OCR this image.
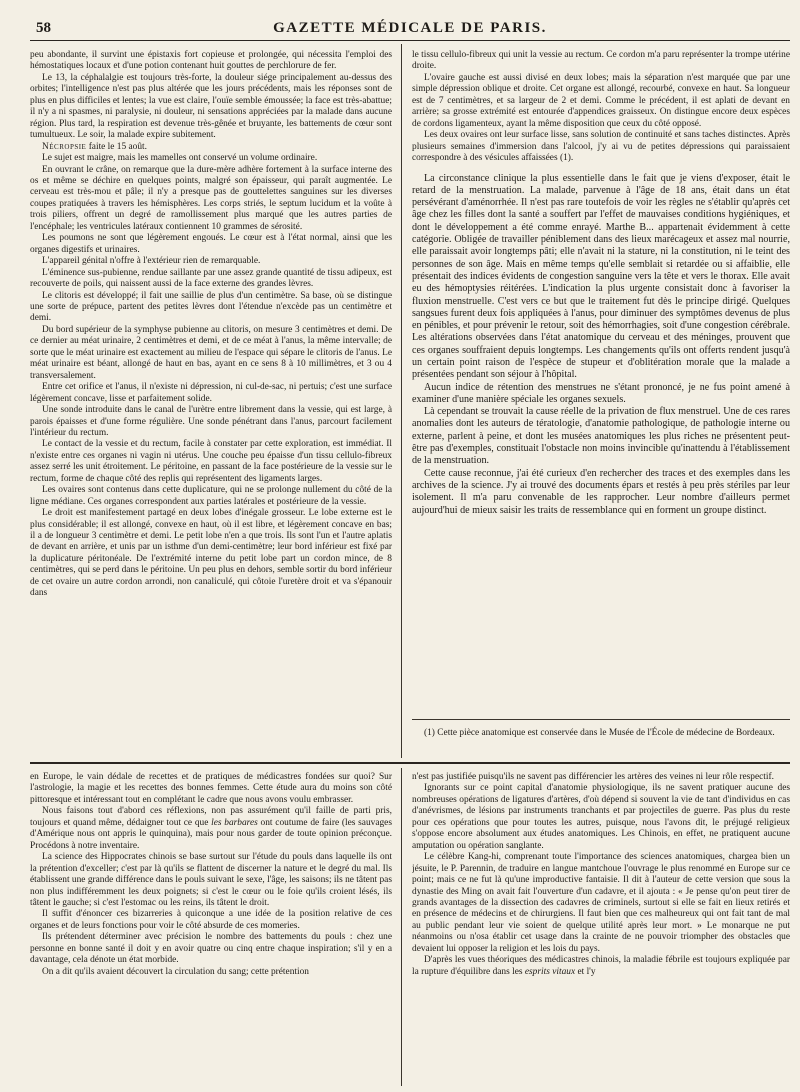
58	GAZETTE MÉDICALE DE PARIS.

peu abondante, il survint une épistaxis fort copieuse et prolongée, qui nécessita l'emploi des hémostatiques locaux et d'une potion contenant huit gouttes de perchlorure de fer.

Le 13, la céphalalgie est toujours très-forte, la douleur siége principalement au-dessus des orbites; l'intelligence n'est pas plus altérée que les jours précédents, mais les réponses sont de plus en plus difficiles et lentes; la vue est claire, l'ouïe semble émoussée; la face est très-abattue; il n'y a ni spasmes, ni paralysie, ni douleur, ni sensations appréciées par la malade dans aucune région. Plus tard, la respiration est devenue très-gênée et bruyante, les battements de cœur sont tumultueux. Le soir, la malade expire subitement.

Nécropsie faite le 15 août.

Le sujet est maigre, mais les mamelles ont conservé un volume ordinaire.

En ouvrant le crâne, on remarque que la dure-mère adhère fortement à la surface interne des os et même se déchire en quelques points, malgré son épaisseur, qui paraît augmentée. Le cerveau est très-mou et pâle; il n'y a presque pas de gouttelettes sanguines sur les diverses coupes pratiquées à travers les hémisphères. Les corps striés, le septum lucidum et la voûte à trois piliers, offrent un degré de ramollissement plus marqué que les autres parties de l'encéphale; les ventricules latéraux contiennent 10 grammes de sérosité.

Les poumons ne sont que légèrement engoués. Le cœur est à l'état normal, ainsi que les organes digestifs et urinaires.

L'appareil génital n'offre à l'extérieur rien de remarquable.

L'éminence sus-pubienne, rendue saillante par une assez grande quantité de tissu adipeux, est recouverte de poils, qui naissent aussi de la face externe des grandes lèvres.

Le clitoris est développé; il fait une saillie de plus d'un centimètre. Sa base, où se distingue une sorte de prépuce, partent des petites lèvres dont l'étendue n'excède pas un centimètre et demi.

Du bord supérieur de la symphyse pubienne au clitoris, on mesure 3 centimètres et demi. De ce dernier au méat urinaire, 2 centimètres et demi, et de ce méat à l'anus, la même intervalle; de sorte que le méat urinaire est exactement au milieu de l'espace qui sépare le clitoris de l'anus. Le méat urinaire est béant, allongé de haut en bas, ayant en ce sens 8 à 10 millimètres, et 3 ou 4 transversalement.

Entre cet orifice et l'anus, il n'existe ni dépression, ni cul-de-sac, ni pertuis; c'est une surface légèrement concave, lisse et parfaitement solide.

Une sonde introduite dans le canal de l'urètre entre librement dans la vessie, qui est large, à parois épaisses et d'une forme régulière. Une sonde pénétrant dans l'anus, parcourt facilement l'intérieur du rectum.

Le contact de la vessie et du rectum, facile à constater par cette exploration, est immédiat. Il n'existe entre ces organes ni vagin ni utérus. Une couche peu épaisse d'un tissu cellulo-fibreux assez serré les unit étroitement. Le péritoine, en passant de la face postérieure de la vessie sur le rectum, forme de chaque côté des replis qui représentent des ligaments larges.

Les ovaires sont contenus dans cette duplicature, qui ne se prolonge nullement du côté de la ligne médiane. Ces organes correspondent aux parties latérales et postérieure de la vessie.

Le droit est manifestement partagé en deux lobes d'inégale grosseur. Le lobe externe est le plus considérable; il est allongé, convexe en haut, où il est libre, et légèrement concave en bas; il a de longueur 3 centimètre et demi. Le petit lobe n'en a que trois. Ils sont l'un et l'autre aplatis de devant en arrière, et unis par un isthme d'un demi-centimètre; leur bord inférieur est fixé par la duplicature péritonéale. De l'extrémité interne du petit lobe part un cordon mince, de 8 centimètres, qui se perd dans le péritoine. Un peu plus en dehors, semble sortir du bord inférieur de cet ovaire un autre cordon arrondi, non canaliculé, qui côtoie l'uretère droit et va s'épanouir dans

le tissu cellulo-fibreux qui unit la vessie au rectum. Ce cordon m'a paru représenter la trompe utérine droite.

L'ovaire gauche est aussi divisé en deux lobes; mais la séparation n'est marquée que par une simple dépression oblique et droite. Cet organe est allongé, recourbé, convexe en haut. Sa longueur est de 7 centimètres, et sa largeur de 2 et demi. Comme le précédent, il est aplati de devant en arrière; sa grosse extrémité est entourée d'appendices graisseux. On distingue encore deux espèces de cordons ligamenteux, ayant la même disposition que ceux du côté opposé.

Les deux ovaires ont leur surface lisse, sans solution de continuité et sans taches distinctes. Après plusieurs semaines d'immersion dans l'alcool, j'y ai vu de petites dépressions qui paraissaient correspondre à des vésicules affaissées (1).

La circonstance clinique la plus essentielle dans le fait que je viens d'exposer, était le retard de la menstruation. La malade, parvenue à l'âge de 18 ans, était dans un état persévérant d'aménorrhée. Il n'est pas rare toutefois de voir les règles ne s'établir qu'après cet âge chez les filles dont la santé a souffert par l'effet de mauvaises conditions hygiéniques, et dont le développement a été comme enrayé. Marthe B... appartenait évidemment à cette catégorie. Obligée de travailler péniblement dans des lieux marécageux et assez mal nourrie, elle paraissait avoir longtemps pâti; elle n'avait ni la stature, ni la constitution, ni le teint des personnes de son âge. Mais en même temps qu'elle semblait si retardée ou si affaiblie, elle présentait des indices évidents de congestion sanguine vers la tête et vers le thorax. Elle avait eu des hémoptysies réitérées. L'indication la plus urgente consistait donc à favoriser la fluxion menstruelle. C'est vers ce but que le traitement fut dès le principe dirigé. Quelques sangsues furent deux fois appliquées à l'anus, pour diminuer des symptômes devenus de plus en pénibles, et pour prévenir le retour, soit des hémorrhagies, soit d'une congestion cérébrale. Les altérations observées dans l'état anatomique du cerveau et des méninges, prouvent que ces organes souffraient depuis longtemps. Les changements qu'ils ont offerts rendent jusqu'à un certain point raison de l'espèce de stupeur et d'oblitération morale que la malade a présentées pendant son séjour à l'hôpital.

Aucun indice de rétention des menstrues ne s'étant prononcé, je ne fus point amené à examiner d'une manière spéciale les organes sexuels.

Là cependant se trouvait la cause réelle de la privation de flux menstruel. Une de ces rares anomalies dont les auteurs de tératologie, d'anatomie pathologique, de pathologie interne ou externe, parlent à peine, et dont les musées anatomiques les plus riches ne présentent peut-être pas d'exemples, constituait l'obstacle non moins invincible qu'inattendu à l'établissement de la menstruation.

Cette cause reconnue, j'ai été curieux d'en rechercher des traces et des exemples dans les archives de la science. J'y ai trouvé des documents épars et restés à peu près stériles par leur isolement. Il m'a paru convenable de les rapprocher. Leur nombre d'ailleurs permet aujourd'hui de mieux saisir les traits de ressemblance qui en forment un groupe distinct.

(1) Cette pièce anatomique est conservée dans le Musée de l'École de médecine de Bordeaux.

en Europe, le vain dédale de recettes et de pratiques de médicastres fondées sur quoi? Sur l'astrologie, la magie et les recettes des bonnes femmes. Cette étude aura du moins son côté pittoresque et intéressant tout en complétant le cadre que nous avons voulu embrasser.

Nous faisons tout d'abord ces réflexions, non pas assurément qu'il faille de parti pris, toujours et quand même, dédaigner tout ce que les barbares ont coutume de faire (les sauvages d'Amérique nous ont appris le quinquina), mais pour nous garder de toute opinion préconçue. Procédons à notre inventaire.

La science des Hippocrates chinois se base surtout sur l'étude du pouls dans laquelle ils ont la prétention d'exceller; c'est par là qu'ils se flattent de discerner la nature et le degré du mal. Ils établissent une grande différence dans le pouls suivant le sexe, l'âge, les saisons; ils ne tâtent pas non plus indifféremment les deux poignets; si c'est le cœur ou le foie qu'ils croient lésés, ils tâtent le gauche; si c'est l'estomac ou les reins, ils tâtent le droit.

Il suffit d'énoncer ces bizarreries à quiconque a une idée de la position relative de ces organes et de leurs fonctions pour voir le côté absurde de ces momeries.

Ils prétendent déterminer avec précision le nombre des battements du pouls : chez une personne en bonne santé il doit y en avoir quatre ou cinq entre chaque inspiration; s'il y en a davantage, cela dénote un état morbide.

On a dit qu'ils avaient découvert la circulation du sang; cette prétention

n'est pas justifiée puisqu'ils ne savent pas différencier les artères des veines ni leur rôle respectif.

Ignorants sur ce point capital d'anatomie physiologique, ils ne savent pratiquer aucune des nombreuses opérations de ligatures d'artères, d'où dépend si souvent la vie de tant d'individus en cas d'anévrismes, de lésions par instruments tranchants et par projectiles de guerre. Pas plus du reste pour ces opérations que pour toutes les autres, puisque, nous l'avons dit, le préjugé religieux s'oppose encore absolument aux études anatomiques. Les Chinois, en effet, ne pratiquent aucune amputation ou opération sanglante.

Le célèbre Kang-hi, comprenant toute l'importance des sciences anatomiques, chargea bien un jésuite, le P. Parennin, de traduire en langue mantchoue l'ouvrage le plus renommé en Europe sur ce point; mais ce ne fut là qu'une improductive fantaisie. Il dit à l'auteur de cette version que sous la dynastie des Ming on avait fait l'ouverture d'un cadavre, et il ajouta : « Je pense qu'on peut tirer de grands avantages de la dissection des cadavres de criminels, surtout si elle se fait en lieux retirés et en présence de médecins et de chirurgiens. Il faut bien que ces malheureux qui ont fait tant de mal au public pendant leur vie soient de quelque utilité après leur mort. » Le monarque ne put néanmoins ou n'osa établir cet usage dans la crainte de ne pouvoir triompher des obstacles que devaient lui opposer la religion et les lois du pays.

D'après les vues théoriques des médicastres chinois, la maladie fébrile est toujours expliquée par la rupture d'équilibre dans les esprits vitaux et l'y
